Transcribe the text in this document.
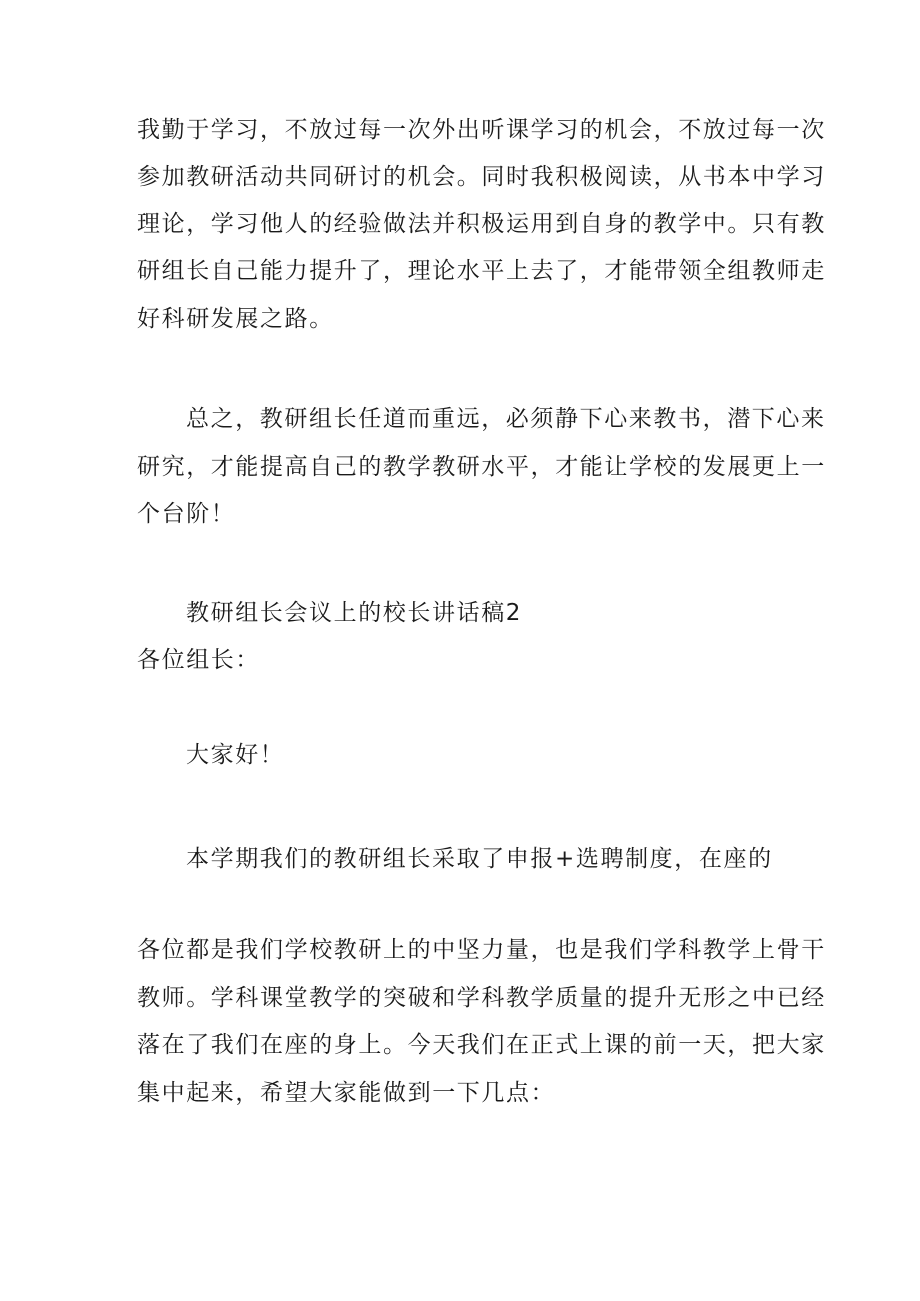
我勤于学习，不放过每一次外出听课学习的机会，不放过每一次
参加教研活动共同研讨的机会。同时我积极阅读，从书本中学习
理论，学习他人的经验做法并积极运用到自身的教学中。只有教
研组长自己能力提升了，理论水平上去了，才能带领全组教师走
好科研发展之路。
总之，教研组长任道而重远，必须静下心来教书，潜下心来
研究，才能提高自己的教学教研水平，才能让学校的发展更上一
个台阶！
教研组长会议上的校长讲话稿2
各位组长：
大家好！
本学期我们的教研组长采取了申报+选聘制度，在座的
各位都是我们学校教研上的中坚力量，也是我们学科教学上骨干
教师。学科课堂教学的突破和学科教学质量的提升无形之中已经
落在了我们在座的身上。今天我们在正式上课的前一天，把大家
集中起来，希望大家能做到一下几点：
